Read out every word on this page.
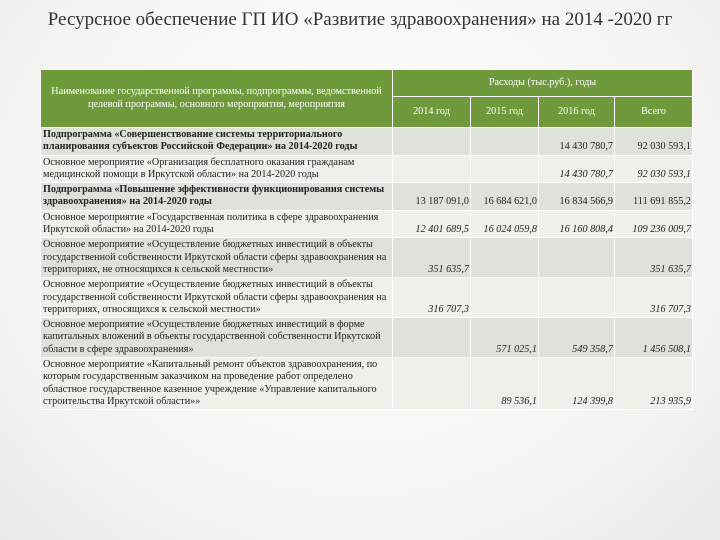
Ресурсное обеспечение ГП ИО «Развитие здравоохранения» на 2014 -2020 гг
Наименование государственной программы, подпрограммы, ведомственной целевой программы, основного мероприятия, мероприятия	Расходы (тыс.руб.), годы			
	2014 год	2015 год	2016 год	Всего
Подпрограмма «Совершенствование системы территориального планирования субъектов Российской Федерации» на 2014-2020 годы			14 430 780,7	92 030 593,1
Основное мероприятие «Организация бесплатного оказания гражданам медицинской помощи в Иркутской области» на 2014-2020 годы			14 430 780,7	92 030 593,1
Подпрограмма «Повышение эффективности функционирования системы здравоохранения» на 2014-2020 годы	13 187 091,0	16 684 621,0	16 834 566,9	111 691 855,2
Основное мероприятие «Государственная политика в сфере здравоохранения Иркутской области» на 2014-2020 годы	12 401 689,5	16 024 059,8	16 160 808,4	109 236 009,7
Основное мероприятие «Осуществление бюджетных инвестиций в объекты государственной собственности Иркутской области сферы здравоохранения на территориях, не относящихся к сельской местности»	351 635,7			351 635,7
Основное мероприятие «Осуществление бюджетных инвестиций в объекты государственной собственности Иркутской области сферы здравоохранения на территориях, относящихся к сельской местности»	316 707,3			316 707,3
Основное мероприятие «Осуществление бюджетных инвестиций в форме капитальных вложений в объекты государственной собственности Иркутской области в сфере здравоохранения»		571 025,1	549 358,7	1 456 508,1
Основное мероприятие «Капитальный ремонт объектов здравоохранения, по которым государственным заказчиком на проведение работ определено областное государственное казенное учреждение «Управление капитального строительства Иркутской области»»		89 536,1	124 399,8	213 935,9
